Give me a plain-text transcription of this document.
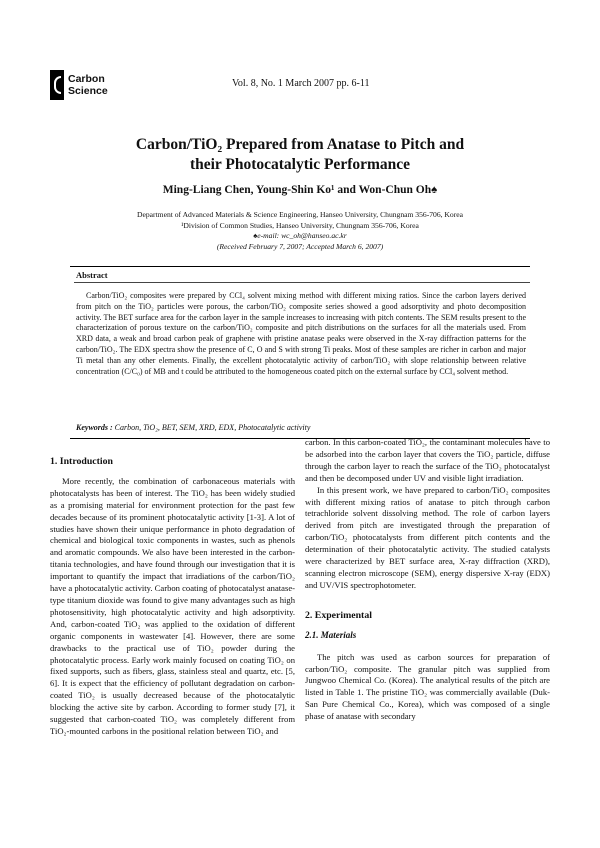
Carbon
Science
Vol. 8, No. 1 March 2007 pp. 6-11
Carbon/TiO₂ Prepared from Anatase to Pitch and
their Photocatalytic Performance
Ming-Liang Chen, Young-Shin Ko¹ and Won-Chun Oh♠
Department of Advanced Materials & Science Engineering, Hanseo University, Chungnam 356-706, Korea
¹Division of Common Studies, Hanseo University, Chungnam 356-706, Korea
♠e-mail: wc_oh@hanseo.ac.kr
(Received February 7, 2007; Accepted March 6, 2007)
Abstract
Carbon/TiO₂ composites were prepared by CCl₄ solvent mixing method with different mixing ratios. Since the carbon layers derived from pitch on the TiO₂ particles were porous, the carbon/TiO₂ composite series showed a good adsorptivity and photo decomposition activity. The BET surface area for the carbon layer in the sample increases to increasing with pitch contents. The SEM results present to the characterization of porous texture on the carbon/TiO₂ composite and pitch distributions on the surfaces for all the materials used. From XRD data, a weak and broad carbon peak of graphene with pristine anatase peaks were observed in the X-ray diffraction patterns for the carbon/TiO₂. The EDX spectra show the presence of C, O and S with strong Ti peaks. Most of these samples are richer in carbon and major Ti metal than any other elements. Finally, the excellent photocatalytic activity of carbon/TiO₂ with slope relationship between relative concentration (C/C₀) of MB and t could be attributed to the homogeneous coated pitch on the external surface by CCl₄ solvent method.
Keywords : Carbon, TiO₂, BET, SEM, XRD, EDX, Photocatalytic activity

1. Introduction

More recently, the combination of carbonaceous materials with photocatalysts has been of interest. The TiO₂ has been widely studied as a promising material for environment protection for the past few decades because of its prominent photocatalytic activity [1-3]. A lot of studies have shown their unique performance in photo degradation of chemical and biological toxic components in wastes, such as phenols and aromatic compounds. We also have been interested in the carbon-titania technologies, and have found through our investigation that it is important to quantify the impact that irradiations of the carbon/TiO₂ have a photocatalytic activity. Carbon coating of photocatalyst anatase-type titanium dioxide was found to give many advantages such as high photosensitivity, high photocatalytic activity and high adsorptivity. And, carbon-coated TiO₂ was applied to the oxidation of different organic components in wastewater [4]. However, there are some drawbacks to the practical use of TiO₂ powder during the photocatalytic process. Early work mainly focused on coating TiO₂ on fixed supports, such as fibers, glass, stainless steal and quartz, etc. [5, 6]. It is expect that the efficiency of pollutant degradation on carbon-coated TiO₂ is usually decreased because of the photocatalytic blocking the active site by carbon. According to former study [7], it suggested that carbon-coated TiO₂ was completely different from TiO₂-mounted carbons in the positional relation between TiO₂ and

carbon. In this carbon-coated TiO₂, the contaminant molecules have to be adsorbed into the carbon layer that covers the TiO₂ particle, diffuse through the carbon layer to reach the surface of the TiO₂ photocatalyst and then be decomposed under UV and visible light irradiation.

In this present work, we have prepared to carbon/TiO₂ composites with different mixing ratios of anatase to pitch through carbon tetrachloride solvent dissolving method. The role of carbon layers derived from pitch are investigated through the preparation of carbon/TiO₂ photocatalysts from different pitch contents and the determination of their photocatalytic activity. The studied catalysts were characterized by BET surface area, X-ray diffraction (XRD), scanning electron microscope (SEM), energy dispersive X-ray (EDX) and UV/VIS spectrophotometer.

2. Experimental

2.1. Materials

The pitch was used as carbon sources for preparation of carbon/TiO₂ composite. The granular pitch was supplied from Jungwoo Chemical Co. (Korea). The analytical results of the pitch are listed in Table 1. The pristine TiO₂ was commercially available (Duk-San Pure Chemical Co., Korea), which was composed of a single phase of anatase with secondary
